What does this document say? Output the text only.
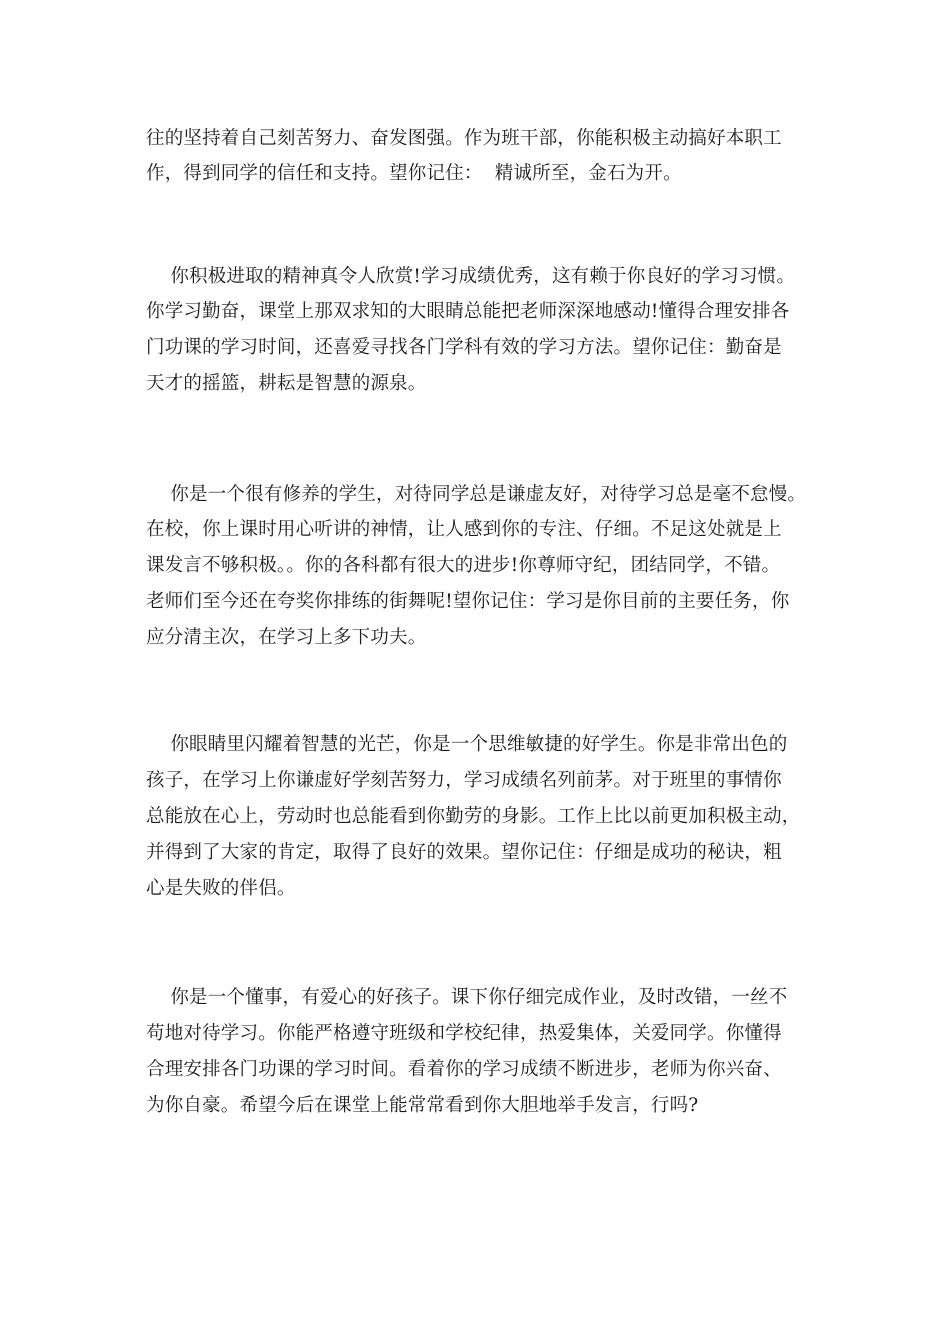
往的坚持着自己刻苦努力、奋发图强。作为班干部，你能积极主动搞好本职工
作，得到同学的信任和支持。望你记住：  精诚所至，金石为开。
你积极进取的精神真令人欣赏!学习成绩优秀，这有赖于你良好的学习习惯。
你学习勤奋，课堂上那双求知的大眼睛总能把老师深深地感动!懂得合理安排各
门功课的学习时间，还喜爱寻找各门学科有效的学习方法。望你记住：勤奋是
天才的摇篮，耕耘是智慧的源泉。
你是一个很有修养的学生，对待同学总是谦虚友好，对待学习总是毫不怠慢。
在校，你上课时用心听讲的神情，让人感到你的专注、仔细。不足这处就是上
课发言不够积极。。你的各科都有很大的进步!你尊师守纪，团结同学，不错。
老师们至今还在夸奖你排练的街舞呢!望你记住：学习是你目前的主要任务，你
应分清主次，在学习上多下功夫。
你眼睛里闪耀着智慧的光芒，你是一个思维敏捷的好学生。你是非常出色的
孩子，在学习上你谦虚好学刻苦努力，学习成绩名列前茅。对于班里的事情你
总能放在心上，劳动时也总能看到你勤劳的身影。工作上比以前更加积极主动，
并得到了大家的肯定，取得了良好的效果。望你记住：仔细是成功的秘诀，粗
心是失败的伴侣。
你是一个懂事，有爱心的好孩子。课下你仔细完成作业，及时改错，一丝不
苟地对待学习。你能严格遵守班级和学校纪律，热爱集体，关爱同学。你懂得
合理安排各门功课的学习时间。看着你的学习成绩不断进步，老师为你兴奋、
为你自豪。希望今后在课堂上能常常看到你大胆地举手发言，行吗?
